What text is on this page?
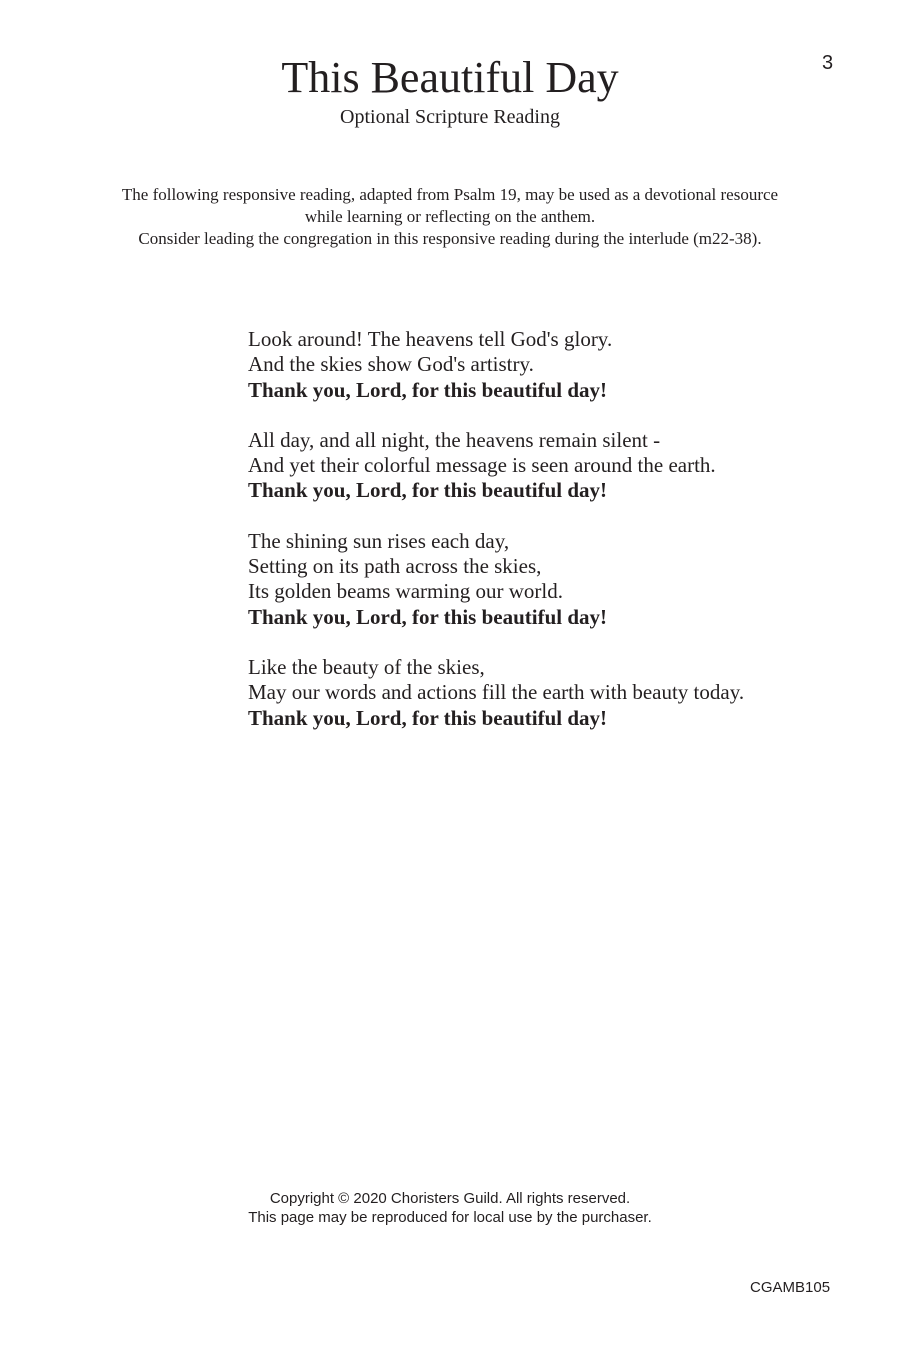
3
This Beautiful Day
Optional Scripture Reading
The following responsive reading, adapted from Psalm 19, may be used as a devotional resource
while learning or reflecting on the anthem.
Consider leading the congregation in this responsive reading during the interlude (m22-38).
Look around! The heavens tell God's glory.
And the skies show God's artistry.
Thank you, Lord, for this beautiful day!
All day, and all night, the heavens remain silent -
And yet their colorful message is seen around the earth.
Thank you, Lord, for this beautiful day!
The shining sun rises each day,
Setting on its path across the skies,
Its golden beams warming our world.
Thank you, Lord, for this beautiful day!
Like the beauty of the skies,
May our words and actions fill the earth with beauty today.
Thank you, Lord, for this beautiful day!
Copyright © 2020 Choristers Guild. All rights reserved.
This page may be reproduced for local use by the purchaser.
CGAMB105
